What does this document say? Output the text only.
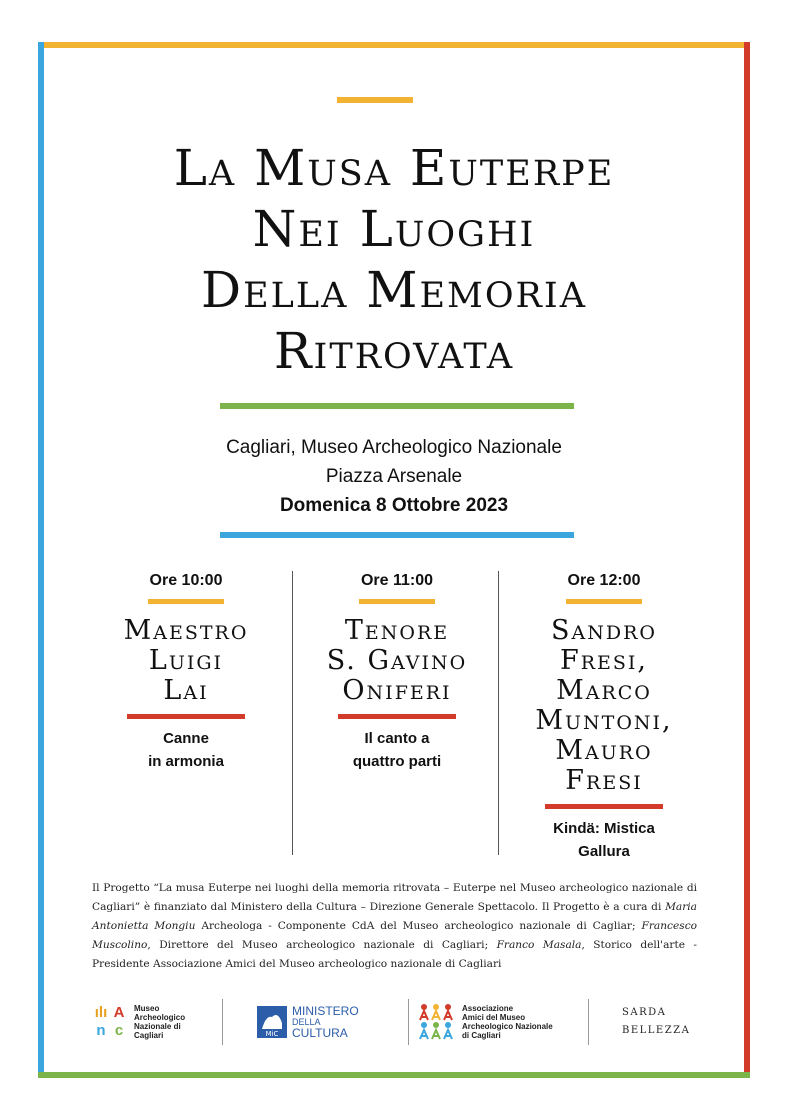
La Musa Euterpe
Nei Luoghi
Della Memoria
Ritrovata
Cagliari, Museo Archeologico Nazionale
Piazza Arsenale
Domenica 8 Ottobre 2023
Ore 10:00
Maestro
Luigi
Lai
Canne
in armonia
Ore 11:00
Tenore
S. Gavino
Oniferi
Il canto a
quattro parti
Ore 12:00
Sandro
Fresi,
Marco
Muntoni,
Mauro
Fresi
Kindä: Mistica
Gallura
Il Progetto “La musa Euterpe nei luoghi della memoria ritrovata – Euterpe nel Museo archeologico nazionale di Cagliari” è finanziato dal Ministero della Cultura – Direzione Generale Spettacolo. Il Progetto è a cura di Maria Antonietta Mongiu Archeologa - Componente CdA del Museo archeologico nazionale di Cagliar; Francesco Muscolino, Direttore del Museo archeologico nazionale di Cagliari; Franco Masala, Storico dell'arte - Presidente Associazione Amici del Museo archeologico nazionale di Cagliari
ılı A
n c
Museo
Archeologico
Nazionale di
Cagliari	MiC
MINISTERO
DELLA
CULTURA
Associazione
Amici del Museo
Archeologico Nazionale
di Cagliari
SARDA
BELLEZZA
